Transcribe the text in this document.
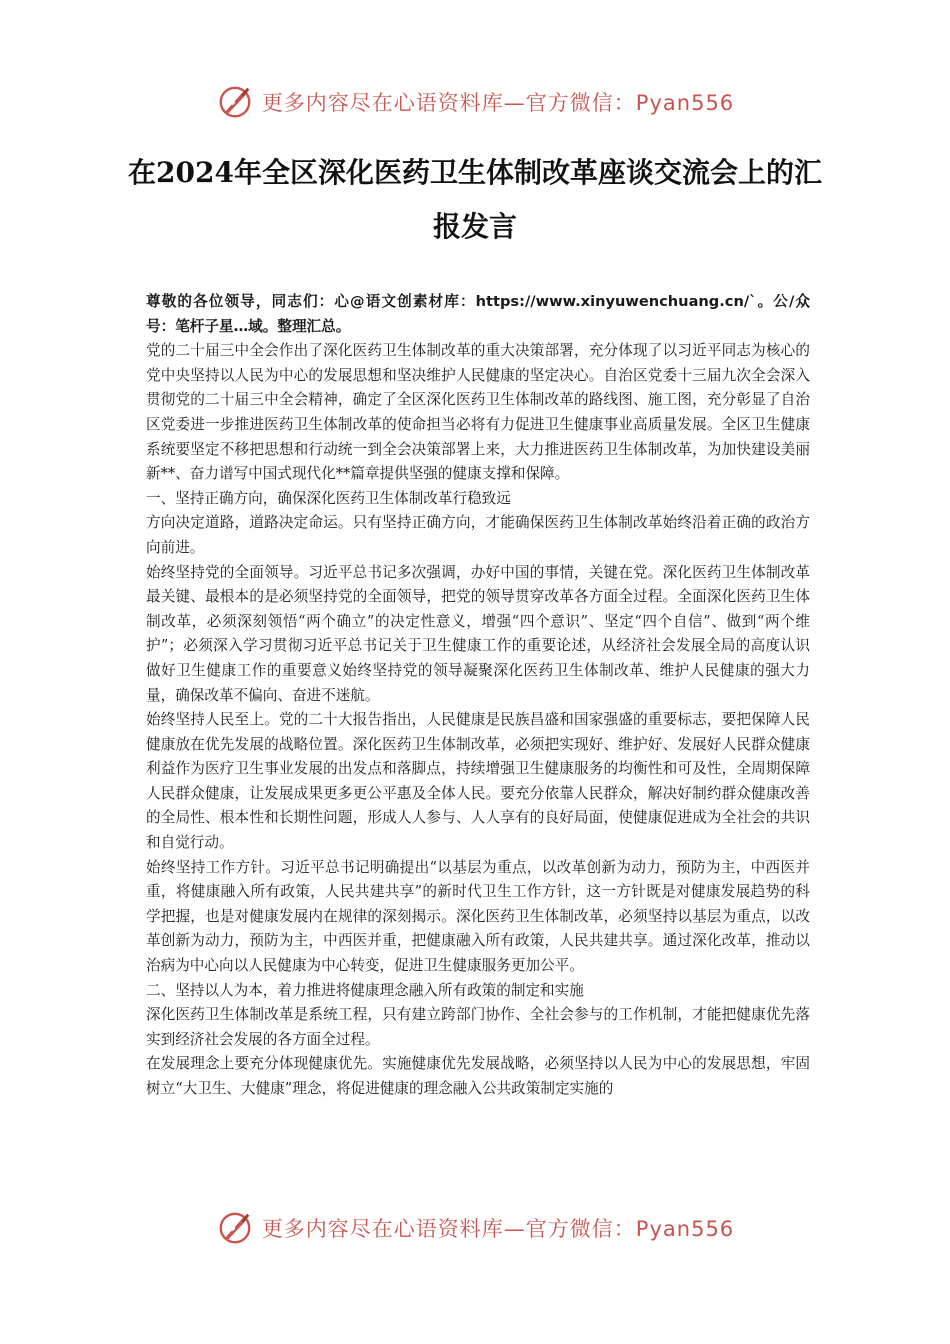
更多内容尽在心语资料库—官方微信：Pyan556
在2024年全区深化医药卫生体制改革座谈交流会上的汇报发言

尊敬的各位领导，同志们：心@语文创素材库：https://www.xinyuwenchuang.cn/`。公/众号：笔杆子星…域。整理汇总。

党的二十届三中全会作出了深化医药卫生体制改革的重大决策部署，充分体现了以习近平同志为核心的党中央坚持以人民为中心的发展思想和坚决维护人民健康的坚定决心。自治区党委十三届九次全会深入贯彻党的二十届三中全会精神，确定了全区深化医药卫生体制改革的路线图、施工图，充分彰显了自治区党委进一步推进医药卫生体制改革的使命担当必将有力促进卫生健康事业高质量发展。全区卫生健康系统要坚定不移把思想和行动统一到全会决策部署上来，大力推进医药卫生体制改革，为加快建设美丽新**、奋力谱写中国式现代化**篇章提供坚强的健康支撑和保障。

一、坚持正确方向，确保深化医药卫生体制改革行稳致远

方向决定道路，道路决定命运。只有坚持正确方向，才能确保医药卫生体制改革始终沿着正确的政治方向前进。

始终坚持党的全面领导。习近平总书记多次强调，办好中国的事情，关键在党。深化医药卫生体制改革最关键、最根本的是必须坚持党的全面领导，把党的领导贯穿改革各方面全过程。全面深化医药卫生体制改革，必须深刻领悟“两个确立”的决定性意义，增强“四个意识”、坚定“四个自信”、做到“两个维护”；必须深入学习贯彻习近平总书记关于卫生健康工作的重要论述，从经济社会发展全局的高度认识做好卫生健康工作的重要意义始终坚持党的领导凝聚深化医药卫生体制改革、维护人民健康的强大力量，确保改革不偏向、奋进不迷航。

始终坚持人民至上。党的二十大报告指出，人民健康是民族昌盛和国家强盛的重要标志，要把保障人民健康放在优先发展的战略位置。深化医药卫生体制改革，必须把实现好、维护好、发展好人民群众健康利益作为医疗卫生事业发展的出发点和落脚点，持续增强卫生健康服务的均衡性和可及性，全周期保障人民群众健康，让发展成果更多更公平惠及全体人民。要充分依靠人民群众，解决好制约群众健康改善的全局性、根本性和长期性问题，形成人人参与、人人享有的良好局面，使健康促进成为全社会的共识和自觉行动。

始终坚持工作方针。习近平总书记明确提出“以基层为重点，以改革创新为动力，预防为主，中西医并重，将健康融入所有政策，人民共建共享”的新时代卫生工作方针，这一方针既是对健康发展趋势的科学把握，也是对健康发展内在规律的深刻揭示。深化医药卫生体制改革，必须坚持以基层为重点，以改革创新为动力，预防为主，中西医并重，把健康融入所有政策，人民共建共享。通过深化改革，推动以治病为中心向以人民健康为中心转变，促进卫生健康服务更加公平。

二、坚持以人为本，着力推进将健康理念融入所有政策的制定和实施

深化医药卫生体制改革是系统工程，只有建立跨部门协作、全社会参与的工作机制，才能把健康优先落实到经济社会发展的各方面全过程。

在发展理念上要充分体现健康优先。实施健康优先发展战略，必须坚持以人民为中心的发展思想，牢固树立“大卫生、大健康”理念，将促进健康的理念融入公共政策制定实施的

更多内容尽在心语资料库—官方微信：Pyan556
